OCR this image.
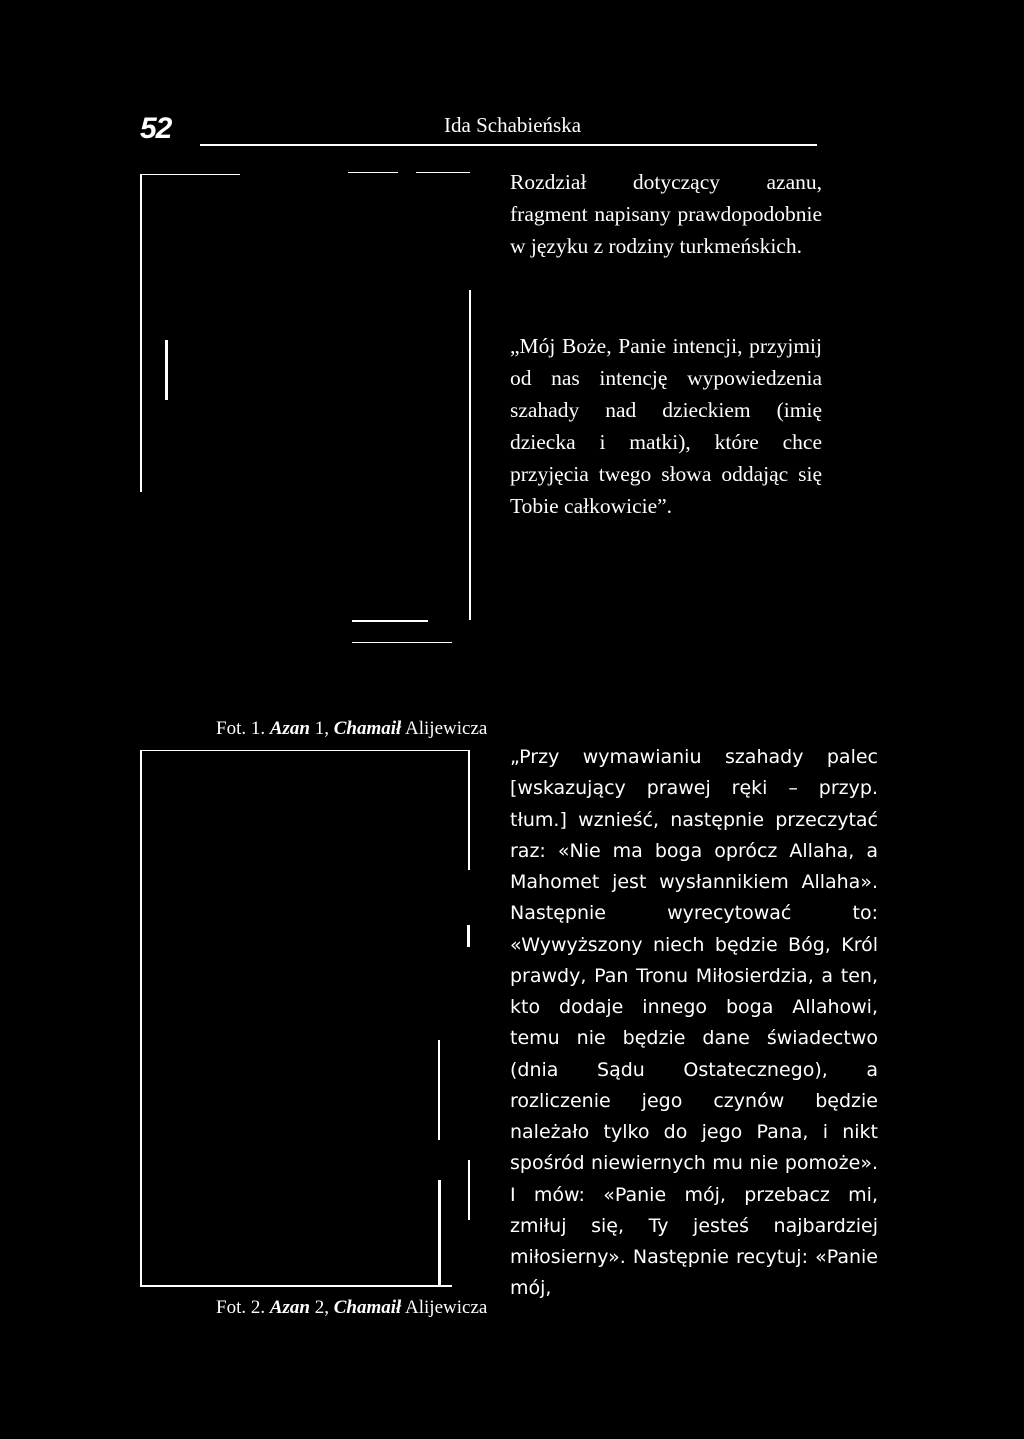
52	Ida Schabieńska

Rozdział dotyczący azanu, fragment napisany prawdopodobnie w języku z rodziny turkmeńskich.

„Mój Boże, Panie intencji, przyjmij od nas intencję wypowiedzenia szahady nad dzieckiem (imię dziecka i matki), które chce przyjęcia twego słowa oddając się Tobie całkowicie”.

Fot. 1. Azan 1, Chamaił Alijewicza

„Przy wymawianiu szahady palec [wskazujący prawej ręki – przyp. tłum.] wznieść, następnie przeczytać raz: «Nie ma boga oprócz Allaha, a Mahomet jest wysłannikiem Allaha». Następnie wyrecytować to: «Wywyższony niech będzie Bóg, Król prawdy, Pan Tronu Miłosierdzia, a ten, kto dodaje innego boga Allahowi, temu nie będzie dane świadectwo (dnia Sądu Ostatecznego), a rozliczenie jego czynów będzie należało tylko do jego Pana, i nikt spośród niewiernych mu nie pomoże». I mów: «Panie mój, przebacz mi, zmiłuj się, Ty jesteś najbardziej miłosierny». Następnie recytuj: «Panie mój,

Fot. 2. Azan 2, Chamaił Alijewicza
